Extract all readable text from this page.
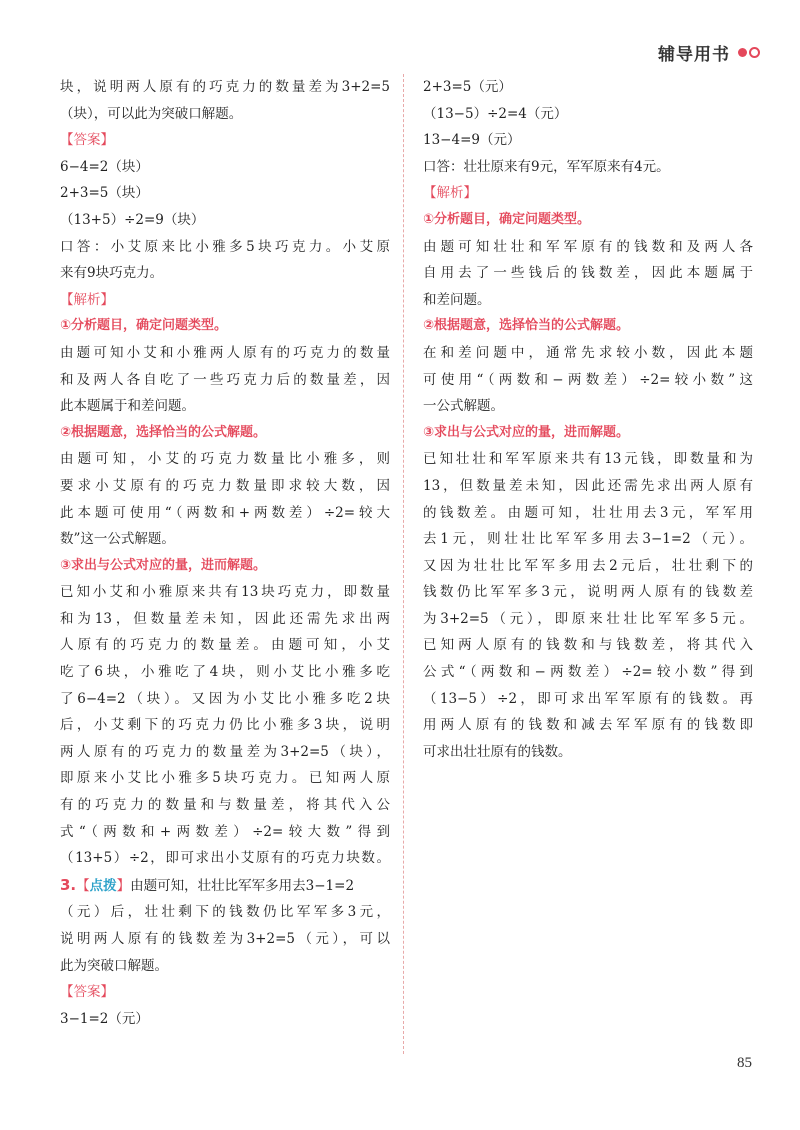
辅导用书
块，说明两人原有的巧克力的数量差为3+2=5
（块），可以此为突破口解题。
【答案】
6−4=2（块）
2+3=5（块）
（13+5）÷2=9（块）
口答：小艾原来比小雅多5块巧克力。小艾原
来有9块巧克力。
【解析】
①分析题目，确定问题类型。
由题可知小艾和小雅两人原有的巧克力的数量
和及两人各自吃了一些巧克力后的数量差，因
此本题属于和差问题。
②根据题意，选择恰当的公式解题。
由题可知，小艾的巧克力数量比小雅多，则
要求小艾原有的巧克力数量即求较大数，因
此本题可使用“（两数和+两数差）÷2=较大
数”这一公式解题。
③求出与公式对应的量，进而解题。
已知小艾和小雅原来共有13块巧克力，即数量
和为13，但数量差未知，因此还需先求出两
人原有的巧克力的数量差。由题可知，小艾
吃了6块，小雅吃了4块，则小艾比小雅多吃
了6−4=2（块）。又因为小艾比小雅多吃2块
后，小艾剩下的巧克力仍比小雅多3块，说明
两人原有的巧克力的数量差为3+2=5（块），
即原来小艾比小雅多5块巧克力。已知两人原
有的巧克力的数量和与数量差，将其代入公
式“（两数和+两数差）÷2=较大数”得到
（13+5）÷2，即可求出小艾原有的巧克力块数。
3.【点拨】由题可知，壮壮比军军多用去3−1=2
（元）后，壮壮剩下的钱数仍比军军多3元，
说明两人原有的钱数差为3+2=5（元），可以
此为突破口解题。
【答案】
3−1=2（元）
2+3=5（元）
（13−5）÷2=4（元）
13−4=9（元）
口答：壮壮原来有9元，军军原来有4元。
【解析】
①分析题目，确定问题类型。
由题可知壮壮和军军原有的钱数和及两人各
自用去了一些钱后的钱数差，因此本题属于
和差问题。
②根据题意，选择恰当的公式解题。
在和差问题中，通常先求较小数，因此本题
可使用“（两数和−两数差）÷2=较小数”这
一公式解题。
③求出与公式对应的量，进而解题。
已知壮壮和军军原来共有13元钱，即数量和为
13，但数量差未知，因此还需先求出两人原有
的钱数差。由题可知，壮壮用去3元，军军用
去1元，则壮壮比军军多用去3−1=2（元）。
又因为壮壮比军军多用去2元后，壮壮剩下的
钱数仍比军军多3元，说明两人原有的钱数差
为3+2=5（元），即原来壮壮比军军多5元。
已知两人原有的钱数和与钱数差，将其代入
公式“（两数和−两数差）÷2=较小数”得到
（13−5）÷2，即可求出军军原有的钱数。再
用两人原有的钱数和减去军军原有的钱数即
可求出壮壮原有的钱数。
85
